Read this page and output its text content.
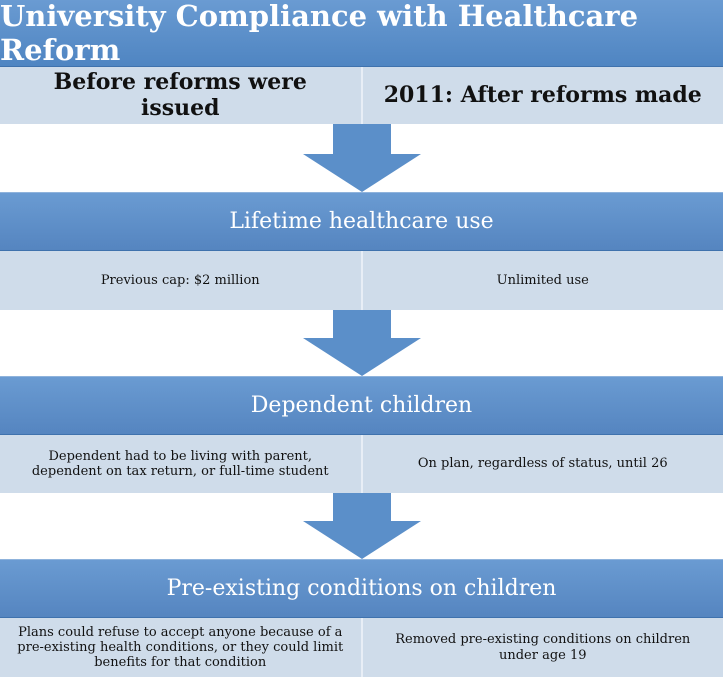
University Compliance with Healthcare Reform
Before reforms were issued	2011: After reforms made
Lifetime healthcare use
Previous cap: $2 million	Unlimited use
Dependent children
Dependent had to be living with parent, dependent on tax return, or full-time student
On plan, regardless of status, until 26
Pre-existing conditions on children
Plans could refuse to accept anyone because of a pre-existing health conditions, or they could limit benefits for that condition
Removed pre-existing conditions on children under age 19
